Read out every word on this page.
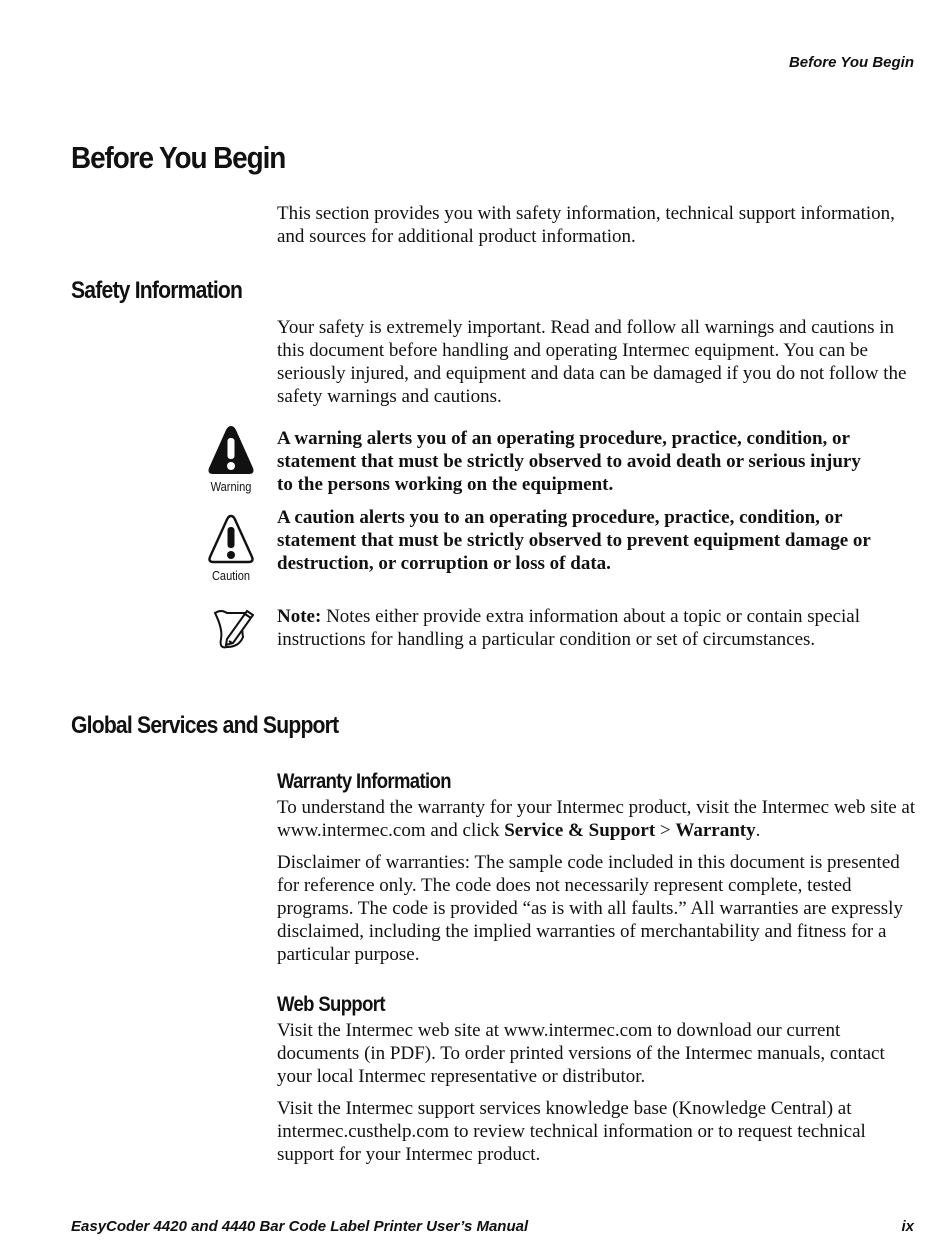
Before You Begin
Before You Begin
This section provides you with safety information, technical support information, and sources for additional product information.
Safety Information
Your safety is extremely important. Read and follow all warnings and cautions in this document before handling and operating Intermec equipment. You can be seriously injured, and equipment and data can be damaged if you do not follow the safety warnings and cautions.
Warning
A warning alerts you of an operating procedure, practice, condition, or statement that must be strictly observed to avoid death or serious injury to the persons working on the equipment.
Caution
A caution alerts you to an operating procedure, practice, condition, or statement that must be strictly observed to prevent equipment damage or destruction, or corruption or loss of data.
Note: Notes either provide extra information about a topic or contain special instructions for handling a particular condition or set of circumstances.
Global Services and Support
Warranty Information
To understand the warranty for your Intermec product, visit the Intermec web site at www.intermec.com and click Service & Support > Warranty.
Disclaimer of warranties: The sample code included in this document is presented for reference only. The code does not necessarily represent complete, tested programs. The code is provided “as is with all faults.” All warranties are expressly disclaimed, including the implied warranties of merchantability and fitness for a particular purpose.
Web Support
Visit the Intermec web site at www.intermec.com to download our current documents (in PDF). To order printed versions of the Intermec manuals, contact your local Intermec representative or distributor.
Visit the Intermec support services knowledge base (Knowledge Central) at intermec.custhelp.com to review technical information or to request technical support for your Intermec product.
EasyCoder 4420 and 4440 Bar Code Label Printer User’s Manual	ix
